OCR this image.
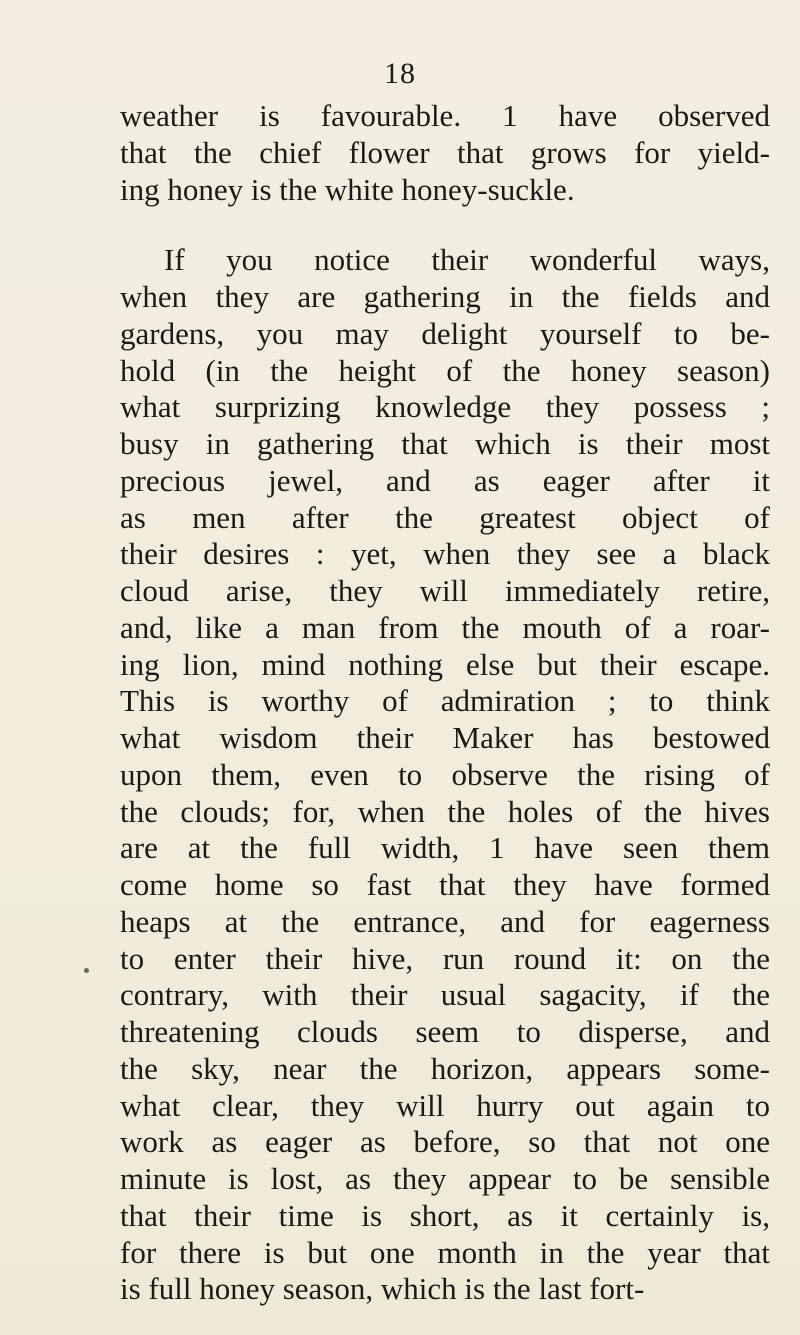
18
weather is favourable. 1 have observed
that the chief flower that grows for yield-
ing honey is the white honey-suckle.
If you notice their wonderful ways,
when they are gathering in the fields and
gardens, you may delight yourself to be-
hold (in the height of the honey season)
what surprizing knowledge they possess ;
busy in gathering that which is their most
precious jewel, and as eager after it
as men after the greatest object of
their desires : yet, when they see a black
cloud arise, they will immediately retire,
and, like a man from the mouth of a roar-
ing lion, mind nothing else but their escape.
This is worthy of admiration ; to think
what wisdom their Maker has bestowed
upon them, even to observe the rising of
the clouds; for, when the holes of the hives
are at the full width, 1 have seen them
come home so fast that they have formed
heaps at the entrance, and for eagerness
to enter their hive, run round it: on the
contrary, with their usual sagacity, if the
threatening clouds seem to disperse, and
the sky, near the horizon, appears some-
what clear, they will hurry out again to
work as eager as before, so that not one
minute is lost, as they appear to be sensible
that their time is short, as it certainly is,
for there is but one month in the year that
is full honey season, which is the last fort-
